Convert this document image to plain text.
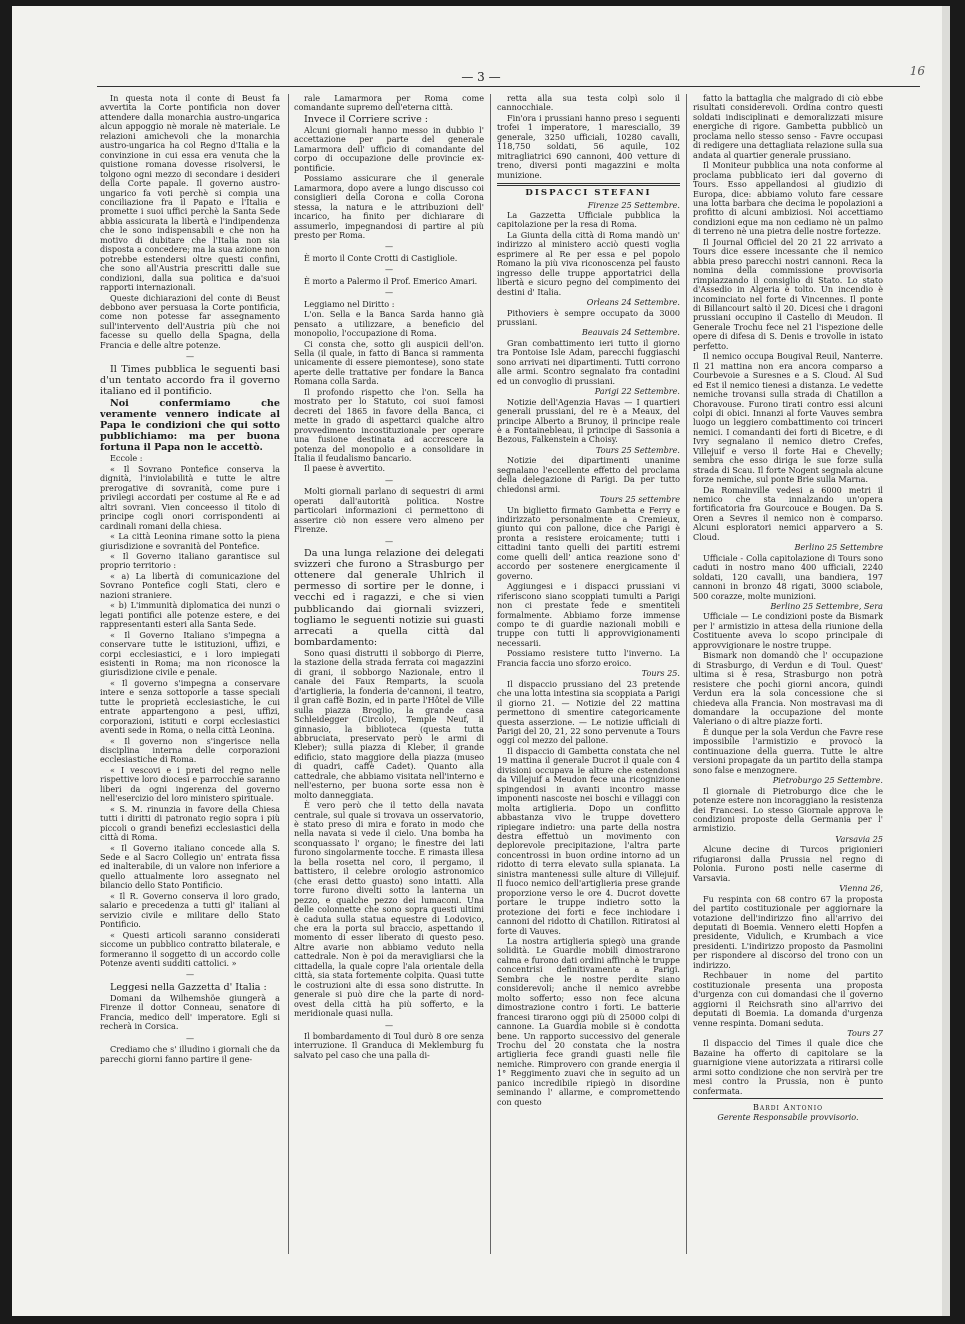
16
— 3 —

In questa nota il conte di Beust fa avvertita la Corte pontificia non dover attendere dalla monarchia austro-ungarica alcun appoggio nè morale nè materiale. Le relazioni amichevoli che la monarchia austro-ungarica ha col Regno d'Italia e la convinzione in cui essa era venuta che la quistione romana dovesse risolversi, le tolgono ogni mezzo di secondare i desideri della Corte papale. Il governo austro-ungarico fa voti perchè si compia una conciliazione fra il Papato e l'Italia e promette i suoi uffici perchè la Santa Sede abbia assicurata la libertà e l'indipendenza che le sono indispensabili e che non ha motivo di dubitare che l'Italia non sia disposta a concedere; ma la sua azione non potrebbe estendersi oltre questi confini, che sono all'Austria prescritti dalle sue condizioni, dalla sua politica e da'suoi rapporti internazionali.

Queste dichiarazioni del conte di Beust debbono aver persuasa la Corte pontificia, come non potesse far assegnamento sull'intervento dell'Austria più che noi facesse su quello della Spagna, della Francia e delle altre potenze.

—

Il Times pubblica le seguenti basi d'un tentato accordo fra il governo italiano ed il pontificio.

Noi confermiamo che veramente vennero indicate al Papa le condizioni che qui sotto pubblichiamo: ma per buona fortuna il Papa non le accettò.

Eccole :

« Il Sovrano Pontefice conserva la dignità, l'inviolabilità e tutte le altre prerogative di sovranità, come pure i privilegi accordati per costume al Re e ad altri sovrani. Vien conceesso il titolo di principe cogli onori corrispondenti ai cardinali romani della chiesa.

« La città Leonina rimane sotto la piena giurisdizione e sovranità del Pontefice.

« Il Governo italiano garantisce sul proprio territorio :

« a) La libertà di comunicazione del Sovrano Pontefice cogli Stati, clero e nazioni straniere.

« b) L'immunità diplomatica dei nunzi o legati pontifici alle potenze estere, e dei rappresentanti esteri alla Santa Sede.

« Il Governo Italiano s'impegna a conservare tutte le istituzioni, uffizi, e corpi ecclesiastici, e i loro impiegati esistenti in Roma; ma non riconosce la giurisdizione civile e penale.

« Il governo s'impegna a conservare intere e senza sottoporle a tasse speciali tutte le proprietà ecclesiastiche, le cui entrate appartengono a pesi, uffizi, corporazioni, istituti e corpi ecclesiastici aventi sede in Roma, o nella città Leonina.

« Il governo non s'ingerisce nella disciplina interna delle corporazioni ecclesiastiche di Roma.

« I vescovi e i preti del regno nelle rispettive loro diocesi e parrocchie saranno liberi da ogni ingerenza del governo nell'esercizio del loro ministero spirituale.

« S. M. rinunzia in favore della Chiesa tutti i diritti di patronato regio sopra i più piccoli o grandi benefizi ecclesiastici della città di Roma.

« Il Governo italiano concede alla S. Sede e al Sacro Collegio un' entrata fissa ed inalterabile, di un valore non inferiore a quello attualmente loro assegnato nel bilancio dello Stato Pontificio.

« Il R. Governo conserva il loro grado, salario e precedenza a tutti gl' italiani al servizio civile e militare dello Stato Pontificio.

« Questi articoli saranno considerati siccome un pubblico contratto bilaterale, e formeranno il soggetto di un accordo colle Potenze aventi sudditi cattolici. »

—

Leggesi nella Gazzetta d' Italia :

Domani da Wilhemshöe giungerà a Firenze il dottor Conneau, senatore di Francia, medico dell' imperatore. Egli si recherà in Corsica.

—

Crediamo che s' illudino i giornali che da parecchi giorni fanno partire il gene-

rale Lamarmora per Roma come comandante supremo dell'eterna città.

Invece il Corriere scrive :

Alcuni giornali hanno messo in dubbio l' accettazione per parte del generale Lamarmora dell' ufficio di comandante del corpo di occupazione delle provincie ex-pontificie.

Possiamo assicurare che il generale Lamarmora, dopo avere a lungo discusso coi consiglieri della Corona e colla Corona stessa, la natura e le attribuzioni dell' incarico, ha finito per dichiarare di assumerlo, impegnandosi di partire al più presto per Roma.

—

È morto il Conte Crotti di Castigliole.

—

È morto a Palermo il Prof. Emerico Amari.

—

Leggiamo nel Diritto :

L'on. Sella e la Banca Sarda hanno già pensato a utilizzare, a beneficio del monopolio, l'occupazione di Roma.

Ci consta che, sotto gli auspicii dell'on. Sella (il quale, in fatto di Banca si rammenta unicamente di essere piemontese), sono state aperte delle trattative per fondare la Banca Romana colla Sarda.

Il profondo rispetto che l'on. Sella ha mostrato per lo Statuto, coi suoi famosi decreti del 1865 in favore della Banca, ci mette in grado di aspettarci qualche altro provvedimento incostituzionale per operare una fusione destinata ad accrescere la potenza del monopolio e a consolidare in Italia il feudalismo bancario.

Il paese è avvertito.

—

Molti giornali parlano di sequestri di armi operati dall'autorità politica. Nostre particolari informazioni ci permettono di asserire ciò non essere vero almeno per Firenze.

—

Da una lunga relazione dei delegati svizzeri che furono a Strasburgo per ottenere dal generale Uhlrich il permesso di sortire per le donne, i vecchi ed i ragazzi, e che si vien pubblicando dai giornali svizzeri, togliamo le seguenti notizie sui guasti arrecati a quella città dal bombardamento:

Sono quasi distrutti il sobborgo di Pierre, la stazione della strada ferrata coi magazzini di grani, il sobborgo Nazionale, entro il canale dei Faux Remparts, la scuola d'artiglieria, la fonderia de'cannoni, il teatro, il gran caffè Bozin, ed in parte l'Hôtel de Ville sulla piazza Broglio, la grande casa Schleidegger (Circolo), Temple Neuf, il ginnasio, la biblioteca (questa tutta abbruciata, preservato però le armi di Kleber); sulla piazza di Kleber, il grande edificio, stato maggiore della piazza (museo di quadri, caffè Cadet). Quanto alla cattedrale, che abbiamo visitata nell'interno e nell'esterno, per buona sorte essa non è molto danneggiata.

È vero però che il tetto della navata centrale, sul quale si trovava un osservatorio, è stato preso di mira e forato in modo che nella navata si vede il cielo. Una bomba ha sconquassato l' organo; le finestre dei lati furono singolarmente tocche. È rimasta illesa la bella rosetta nel coro, il pergamo, il battistero, il celebre orologio astronomico (che erasi detto guasto) sono intatti. Alla torre furono divelti sotto la lanterna un pezzo, e qualche pezzo dei lumaconi. Una delle colonnette che sono sopra questi ultimi è caduta sulla statua equestre di Lodovico, che era la porta sul braccio, aspettando il momento di esser liberato di questo peso. Altre avarie non abbiamo veduto nella cattedrale. Non è poi da meravigliarsi che la cittadella, la quale copre l'ala orientale della città, sia stata fortemente colpita. Quasi tutte le costruzioni alte di essa sono distrutte. In generale si può dire che la parte di nord-ovest della città ha più sofferto, e la meridionale quasi nulla.

—

Il bombardamento di Toul durò 8 ore senza interruzione. Il Granduca di Meklemburg fu salvato pel caso che una palla di-

retta alla sua testa colpì solo il cannocchiale.

Fin'ora i prussiani hanno preso i seguenti trofei 1 imperatore, 1 maresciallo, 39 generale, 3250 ufficiali, 10280 cavalli, 118,750 soldati, 56 aquile, 102 mitragliatrici 690 cannoni, 400 vetture di treno, diversi ponti magazzini e molta munizione.

DISPACCI STEFANI
Firenze 25 Settembre.

La Gazzetta Ufficiale pubblica la capitolazione per la resa di Roma.

La Giunta della città di Roma mandò un' indirizzo al ministero acciò questi voglia esprimere al Re per essa e pel popolo Romano la più viva riconoscenza pel fausto ingresso delle truppe apportatrici della libertà e sicuro pegno del compimento dei destini d' Italia.

Orleans 24 Settembre.

Pithoviers è sempre occupato da 3000 prussiani.

Beauvais 24 Settembre.

Gran combattimento ieri tutto il giorno tra Pontoise Isle Adam, parecchi fuggiaschi sono arrivati nei dipartimenti. Tutti corrono alle armi. Scontro segnalato fra contadini ed un convoglio di prussiani.

Parigi 22 Settembre.

Notizie dell'Agenzia Havas — I quartieri generali prussiani, del re è a Meaux, del principe Alberto a Brunoy, il principe reale è a Fontainebleau, il principe di Sassonia a Bezous, Falkenstein a Choisy.

Tours 25 Settembre.

Notizie dei dipartimenti unanime segnalano l'eccellente effetto del proclama della delegazione di Parigi. Da per tutto chiedonsi armi.

Tours 25 settembre

Un biglietto firmato Gambetta e Ferry e indirizzato personalmente a Cremieux, giunto qui con pallone, dice che Parigi è pronta a resistere eroicamente; tutti i cittadini tanto quelli dei partiti estremi come quelli dell' antica reazione sono d' accordo per sostenere energicamente il governo.

Aggiungesi e i dispacci prussiani vi riferiscono siano scoppiati tumulti a Parigi non ci prestate fede e smentiteli formalmente. Abbiamo forze immense compo te di guardie nazionali mobili e truppe con tutti li approvvigionamenti necessarii.

Possiamo resistere tutto l'inverno. La Francia faccia uno sforzo eroico.

Tours 25.

Il dispaccio prussiano del 23 pretende che una lotta intestina sia scoppiata a Parigi il giorno 21. — Notizie del 22 mattina permettono di smentire categoricamente questa asserzione. — Le notizie ufficiali di Parigi del 20, 21, 22 sono pervenute a Tours oggi col mezzo del pallone.

Il dispaccio di Gambetta constata che nel 19 mattina il generale Ducrot il quale con 4 divisioni occupava le alture che estendonsi da Villejuif a Meudon fece una ricognizione spingendosi in avanti incontro masse imponenti nascoste nei boschi e villaggi con molta artiglieria. Dopo un conflitto abbastanza vivo le truppe dovettero ripiegare indietro: una parte della nostra destra effettuò un movimento con deplorevole precipitazione, l'altra parte concentrossi in buon ordine intorno ad un ridotto di terra elevato sulla spianata. La sinistra mantenessi sulle alture di Villejuif. Il fuoco nemico dell'artiglieria prese grande proporzione verso le ore 4. Ducrot dovette portare le truppe indietro sotto la protezione dei forti e fece inchiodare i cannoni del ridotto di Chatillon. Ritiratosi al forte di Vauves.

La nostra artiglieria spiegò una grande solidità. Le Guardie mobili dimostrarono calma e furono dati ordini affinchè le truppe concentrisi definitivamente a Parigi. Sembra che le nostre perdite siano considerevoli; anche il nemico avrebbe molto sofferto; esso non fece alcuna dimostrazione contro i forti. Le batterie francesi tirarono oggi più di 25000 colpi di cannone. La Guardia mobile si è condotta bene. Un rapporto successivo del generale Trochu del 20 constata che la nostra artiglieria fece grandi guasti nelle file nemiche. Rimprovero con grande energia il 1° Reggimento zuavi che in seguito ad un panico incredibile ripiegò in disordine seminando l' allarme, e compromettendo con questo

fatto la battaglia che malgrado di ciò ebbe risultati considerevoli. Ordina contro questi soldati indisciplinati e demoralizzati misure energiche di rigore. Gambetta pubblicò un proclama nello stesso senso - Favre occupasi di redigere una dettagliata relazione sulla sua andata al quartier generale prussiano.

Il Moniteur pubblica una nota conforme al proclama pubblicato ieri dal governo di Tours. Esso appellandosi al giudizio di Europa, dice: abbiamo voluto fare cessare una lotta barbara che decima le popolazioni a profitto di alcuni ambiziosi. Noi accettiamo condizioni eque ma non cediamo nè un palmo di terreno nè una pietra delle nostre fortezze.

Il Journal Officiel del 20 21 22 arrivato a Tours dice essere incessante che il nemico abbia preso parecchi nostri cannoni. Reca la nomina della commissione provvisoria rimpiazzando il consiglio di Stato. Lo stato d'Assedio in Algeria è tolto. Un incendio è incominciato nel forte di Vincennes. Il ponte di Billancourt saltò il 20. Dicesi che i dragoni prussiani occupino il Castello di Meudon. Il Generale Trochu fece nel 21 l'ispezione delle opere di difesa di S. Denis e trovolle in istato perfetto.

Il nemico occupa Bougival Reuil, Nanterre. Il 21 mattina non era ancora comparso a Courbevoie a Suresnes e a S. Cloud. Al Sud ed Est il nemico tienesi a distanza. Le vedette nemiche trovansi sulla strada di Chatillon a Choravouse. Furono tirati contro essi alcuni colpi di obici. Innanzi al forte Vauves sembra luogo un leggiero combattimento coi trinceri nemici. I comandanti dei forti di Bicetre, e di Ivry segnalano il nemico dietro Crefes, Villejuif e verso il forte Hai e Chevelly; sembra che esso diriga le sue forze sulla strada di Scau. Il forte Nogent segnala alcune forze nemiche, sul ponte Brie sulla Marna.

Da Romainville vedesi a 6000 metri il nemico che sta innalzando un'opera fortificatoria fra Gourcouce e Bougen. Da S. Oren a Sevres il nemico non è comparso. Alcuni esploratori nemici apparvero a S. Cloud.

Berlino 25 Settembre

Ufficiale - Colla capitolazione di Tours sono caduti in nostro mano 400 ufficiali, 2240 soldati, 120 cavalli, una bandiera, 197 cannoni in bronzo 48 rigati, 3000 sciabole, 500 corazze, molte munizioni.

Berlino 25 Settembre, Sera

Ufficiale — Le condizioni poste da Bismark per l' armistizio in attesa della riunione della Costituente aveva lo scopo principale di approvvigionare le nostre truppe.

Bismark non domandò che l' occupazione di Strasburgo, di Verdun e di Toul. Quest' ultima si è resa, Strasburgo non potrà resistere che pochi giorni ancora, quindi Verdun era la sola concessione che si chiedeva alla Francia. Non mostravasi ma di domandare la occupazione del monte Valeriano o di altre piazze forti.

È dunque per la sola Verdun che Favre rese impossibile l'armistizio e provocò la continuazione della guerra. Tutte le altre versioni propagate da un partito della stampa sono false e menzognere.

Pietroburgo 25 Settembre.

Il giornale di Pietroburgo dice che le potenze estere non incoraggiano la resistenza dei Francesi. Lo stesso Giornale approva le condizioni proposte della Germania per l' armistizio.

Varsavia 25

Alcune decine di Turcos prigionieri rifugiaronsi dalla Prussia nel regno di Polonia. Furono posti nelle caserme di Varsavia.

Vienna 26,

Fu respinta con 68 contro 67 la proposta del partito costituzionale per aggiornare la votazione dell'indirizzo fino all'arrivo dei deputati di Boemia. Vennero eletti Hopfen a presidente, Vidulich, e Krumbach a vice presidenti. L'indirizzo proposto da Pasmolini per rispondere al discorso del trono con un indirizzo.

Rechbauer in nome del partito costituzionale presenta una proposta d'urgenza con cui domandasi che il governo aggiorni il Reichsrath sino all'arrivo dei deputati di Boemia. La domanda d'urgenza venne respinta. Domani seduta.

Tours 27

Il dispaccio del Times il quale dice che Bazaine ha offerto di capitolare se la guarnigione viene autorizzata a ritirarsi colle armi sotto condizione che non servirà per tre mesi contro la Prussia, non è punto confermata.

Bardi Antonio
Gerente Responsabile provvisorio.
